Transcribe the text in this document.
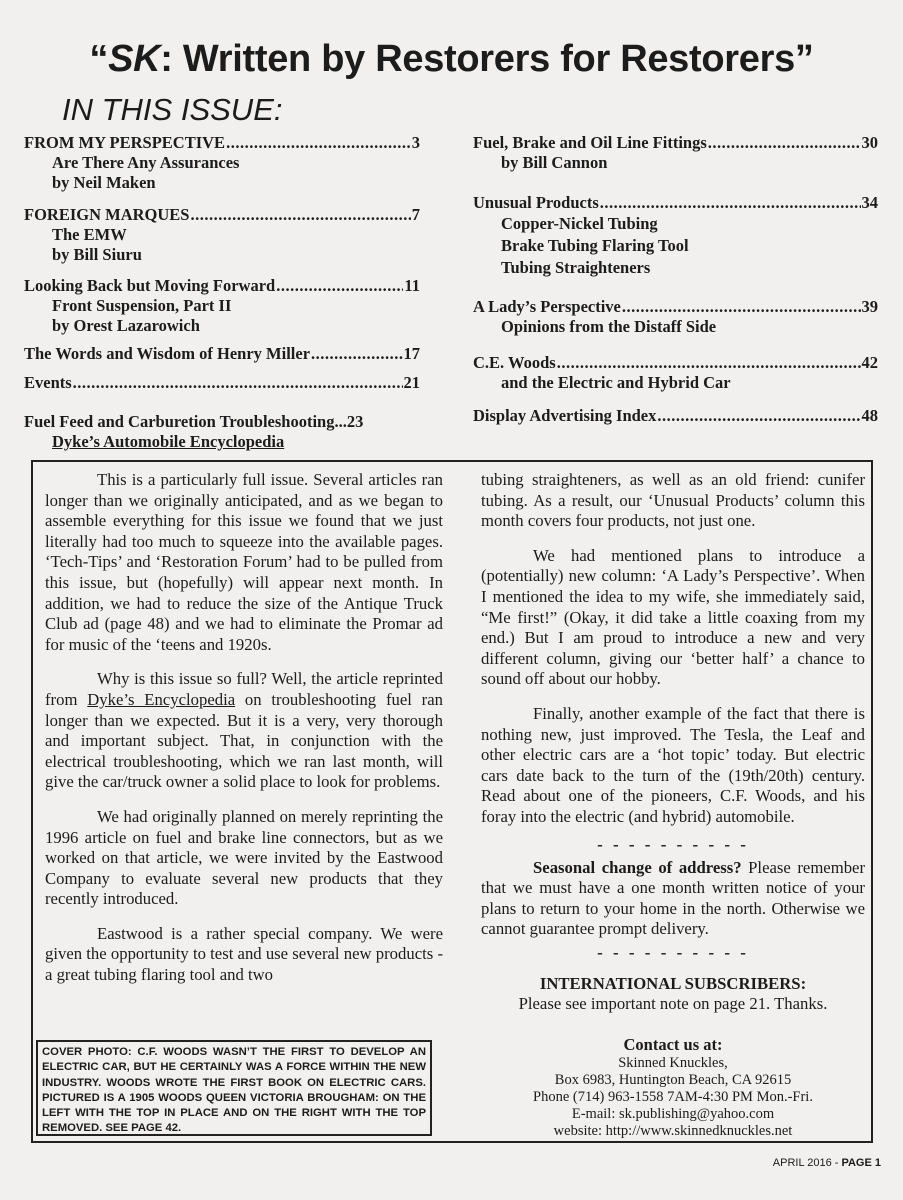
“SK: Written by Restorers for Restorers”
IN THIS ISSUE:
FROM MY PERSPECTIVE .....	3
Are There Any Assurances
by Neil Maken
FOREIGN MARQUES .....	7
The EMW
by Bill Siuru
Looking Back but Moving Forward .....	11
Front Suspension, Part II
by Orest Lazarowich
The Words and Wisdom of Henry Miller .....	17
Events .....	21
Fuel Feed and Carburetion Troubleshooting ...23
Dyke’s Automobile Encyclopedia
Fuel, Brake and Oil Line Fittings .....	30
by Bill Cannon
Unusual Products .....	34
Copper-Nickel Tubing
Brake Tubing Flaring Tool
Tubing Straighteners
A Lady’s Perspective .....	39
Opinions from the Distaff Side
C.E. Woods .....	42
and the Electric and Hybrid Car
Display Advertising Index .....	48

This is a particularly full issue. Several articles ran longer than we originally anticipated, and as we began to assemble everything for this issue we found that we just literally had too much to squeeze into the available pages. ‘Tech-Tips’ and ‘Restoration Forum’ had to be pulled from this issue, but (hopefully) will appear next month. In addition, we had to reduce the size of the Antique Truck Club ad (page 48) and we had to eliminate the Promar ad for music of the ‘teens and 1920s.

Why is this issue so full? Well, the article reprinted from Dyke’s Encyclopedia on troubleshooting fuel ran longer than we expected. But it is a very, very thorough and important subject. That, in conjunction with the electrical troubleshooting, which we ran last month, will give the car/truck owner a solid place to look for problems.

We had originally planned on merely reprinting the 1996 article on fuel and brake line connectors, but as we worked on that article, we were invited by the Eastwood Company to evaluate several new products that they recently introduced.

Eastwood is a rather special company. We were given the opportunity to test and use several new products - a great tubing flaring tool and two

tubing straighteners, as well as an old friend: cunifer tubing. As a result, our ‘Unusual Products’ column this month covers four products, not just one.

We had mentioned plans to introduce a (potentially) new column: ‘A Lady’s Perspective’. When I mentioned the idea to my wife, she immediately said, “Me first!” (Okay, it did take a little coaxing from my end.) But I am proud to introduce a new and very different column, giving our ‘better half’ a chance to sound off about our hobby.

Finally, another example of the fact that there is nothing new, just improved. The Tesla, the Leaf and other electric cars are a ‘hot topic’ today. But electric cars date back to the turn of the (19th/20th) century. Read about one of the pioneers, C.F. Woods, and his foray into the electric (and hybrid) automobile.

- - - - - - - - - -

Seasonal change of address? Please remember that we must have a one month written notice of your plans to return to your home in the north. Otherwise we cannot guarantee prompt delivery.

- - - - - - - - - -
INTERNATIONAL SUBSCRIBERS:
Please see important note on page 21. Thanks.
Contact us at:
Skinned Knuckles,
Box 6983, Huntington Beach, CA 92615
Phone (714) 963-1558 7AM-4:30 PM Mon.-Fri.
E-mail: sk.publishing@yahoo.com
website: http://www.skinnedknuckles.net
COVER PHOTO: C.F. WOODS WASN’T THE FIRST TO DEVELOP AN ELECTRIC CAR, BUT HE CERTAINLY WAS A FORCE WITHIN THE NEW INDUSTRY. WOODS WROTE THE FIRST BOOK ON ELECTRIC CARS. PICTURED IS A 1905 WOODS QUEEN VICTORIA BROUGHAM: ON THE LEFT WITH THE TOP IN PLACE AND ON THE RIGHT WITH THE TOP REMOVED. SEE PAGE 42.
APRIL 2016 - PAGE 1
